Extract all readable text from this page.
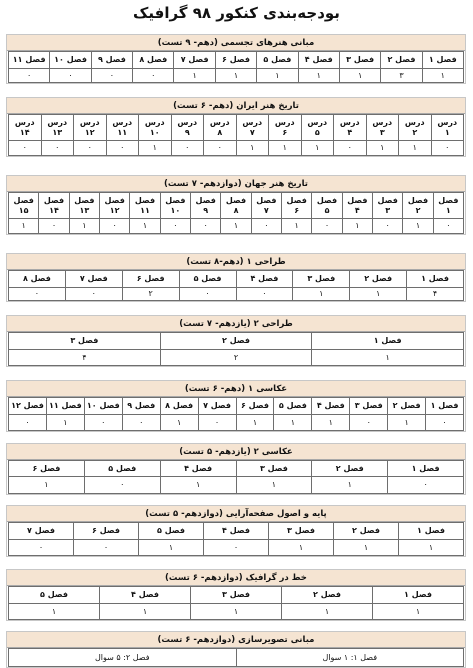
بودجه‌بندی کنکور ۹۸ گرافیک
مبانی هنرهای تجسمی (دهم- ۹ تست)
فصل ۱
فصل ۲
فصل ۳
فصل ۴
فصل ۵
فصل ۶
فصل ۷
فصل ۸
فصل ۹
فصل ۱۰
فصل ۱۱
۱
۳
۱
۱
۱
۱
۱
۰
۰
۰
۰
تاریخ هنر ایران (دهم- ۶ تست)
درس
۱
درس
۲
درس
۳
درس
۴
درس
۵
درس
۶
درس
۷
درس
۸
درس
۹
درس
۱۰
درس
۱۱
درس
۱۲
درس
۱۳
درس
۱۴
۰
۱
۱
۰
۱
۱
۱
۰
۰
۱
۰
۰
۰
۰
تاریخ هنر جهان (دوازدهم- ۷ تست)
فصل
۱
فصل
۲
فصل
۳
فصل
۴
فصل
۵
فصل
۶
فصل
۷
فصل
۸
فصل
۹
فصل
۱۰
فصل
۱۱
فصل
۱۲
فصل
۱۳
فصل
۱۴
فصل
۱۵
۰
۱
۰
۱
۰
۱
۰
۱
۰
۰
۱
۰
۱
۰
۱
طراحی ۱ (دهم-۸ تست)
فصل ۱
فصل ۲
فصل ۳
فصل ۴
فصل ۵
فصل ۶
فصل ۷
فصل ۸
۴
۱
۱
۰
۰
۲
۰
۰
طراحی ۲ (یازدهم- ۷ تست)
فصل ۱
فصل ۲
فصل ۳
۱
۲
۴
عکاسی ۱ (دهم- ۶ تست)
فصل ۱
فصل ۲
فصل ۳
فصل ۴
فصل ۵
فصل ۶
فصل ۷
فصل ۸
فصل ۹
فصل ۱۰
فصل ۱۱
فصل ۱۲
۰
۱
۰
۱
۱
۱
۰
۱
۰
۰
۱
۰
عکاسی ۲ (یازدهم- ۵ تست)
فصل ۱
فصل ۲
فصل ۳
فصل ۴
فصل ۵
فصل ۶
۰
۱
۱
۱
۰
۱
پایه و اصول صفحه‌آرایی (دوازدهم- ۵ تست)
فصل ۱
فصل ۲
فصل ۳
فصل ۴
فصل ۵
فصل ۶
فصل ۷
۱
۱
۱
۰
۱
۰
۰
خط در گرافیک (دوازدهم- ۶ تست)
فصل ۱
فصل ۲
فصل ۳
فصل ۴
فصل ۵
۱
۱
۱
۱
۱
مبانی تصویرسازی (دوازدهم- ۶ تست)
فصل ۱: ۱ سوال
فصل ۲: ۵ سوال
